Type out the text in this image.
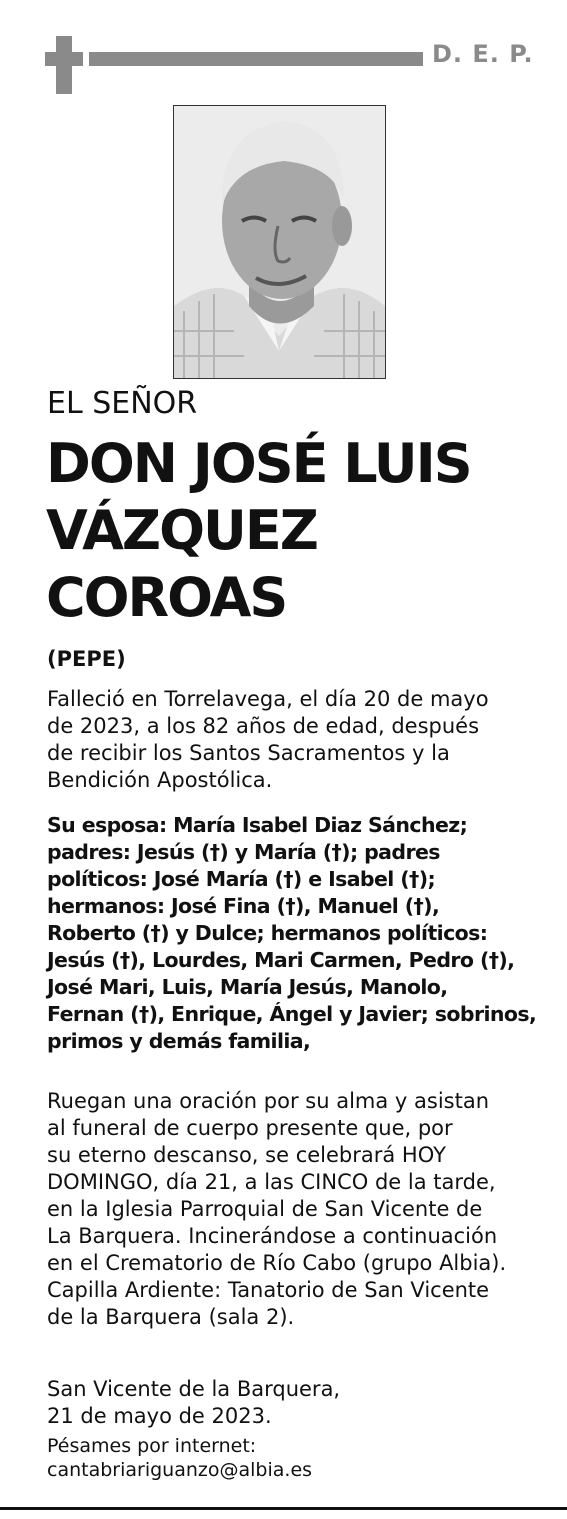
D. E. P.
EL SEÑOR
DON JOSÉ LUIS
VÁZQUEZ
COROAS
(PEPE)
Falleció en Torrelavega, el día 20 de mayo
de 2023, a los 82 años de edad, después
de recibir los Santos Sacramentos y la
Bendición Apostólica.
Su esposa: María Isabel Diaz Sánchez;
padres: Jesús (†) y María (†); padres
políticos: José María (†) e Isabel (†);
hermanos: José Fina (†), Manuel (†),
Roberto (†) y Dulce; hermanos políticos:
Jesús (†), Lourdes, Mari Carmen, Pedro (†),
José Mari, Luis, María Jesús, Manolo,
Fernan (†), Enrique, Ángel y Javier; sobrinos,
primos y demás familia,
Ruegan una oración por su alma y asistan
al funeral de cuerpo presente que, por
su eterno descanso, se celebrará HOY
DOMINGO, día 21, a las CINCO de la tarde,
en la Iglesia Parroquial de San Vicente de
La Barquera. Incinerándose a continuación
en el Crematorio de Río Cabo (grupo Albia).
Capilla Ardiente: Tanatorio de San Vicente
de la Barquera (sala 2).
San Vicente de la Barquera,
21 de mayo de 2023.
Pésames por internet:
cantabriariguanzo@albia.es
